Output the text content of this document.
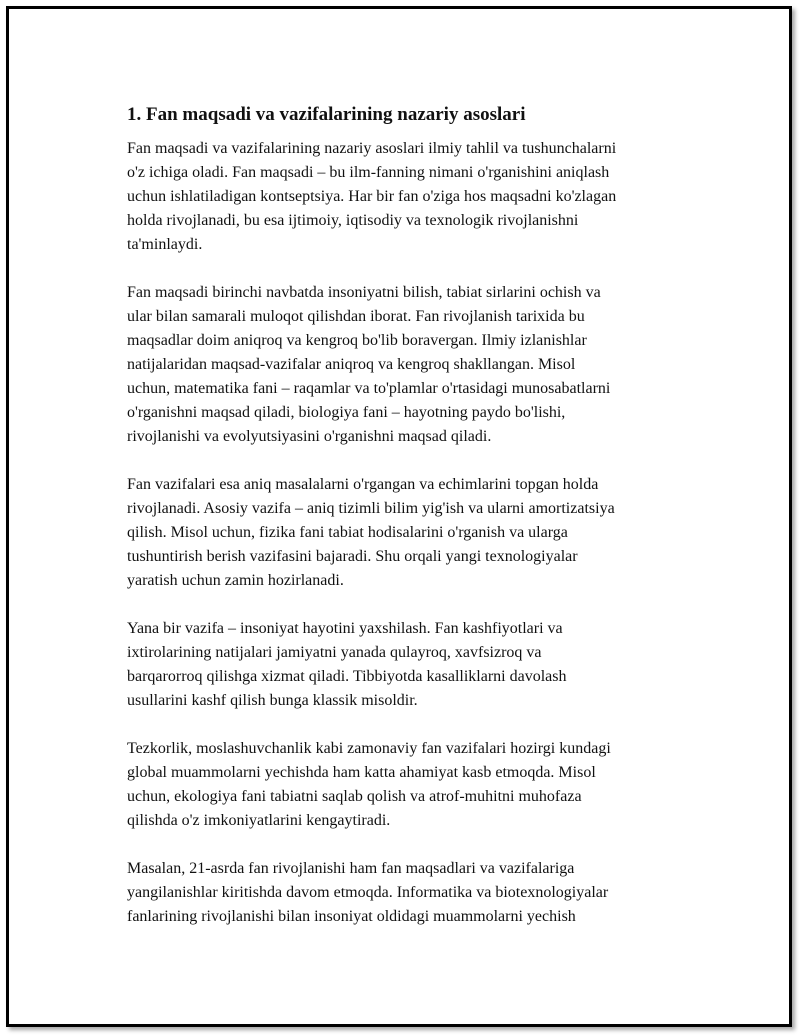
1. Fan maqsadi va vazifalarining nazariy asoslari

Fan maqsadi va vazifalarining nazariy asoslari ilmiy tahlil va tushunchalarni
o'z ichiga oladi. Fan maqsadi – bu ilm-fanning nimani o'rganishini aniqlash
uchun ishlatiladigan kontseptsiya. Har bir fan o'ziga hos maqsadni ko'zlagan
holda rivojlanadi, bu esa ijtimoiy, iqtisodiy va texnologik rivojlanishni
ta'minlaydi.

Fan maqsadi birinchi navbatda insoniyatni bilish, tabiat sirlarini ochish va
ular bilan samarali muloqot qilishdan iborat. Fan rivojlanish tarixida bu
maqsadlar doim aniqroq va kengroq bo'lib boravergan. Ilmiy izlanishlar
natijalaridan maqsad-vazifalar aniqroq va kengroq shakllangan. Misol
uchun, matematika fani – raqamlar va to'plamlar o'rtasidagi munosabatlarni
o'rganishni maqsad qiladi, biologiya fani – hayotning paydo bo'lishi,
rivojlanishi va evolyutsiyasini o'rganishni maqsad qiladi.

Fan vazifalari esa aniq masalalarni o'rgangan va echimlarini topgan holda
rivojlanadi. Asosiy vazifa – aniq tizimli bilim yig'ish va ularni amortizatsiya
qilish. Misol uchun, fizika fani tabiat hodisalarini o'rganish va ularga
tushuntirish berish vazifasini bajaradi. Shu orqali yangi texnologiyalar
yaratish uchun zamin hozirlanadi.

Yana bir vazifa – insoniyat hayotini yaxshilash. Fan kashfiyotlari va
ixtirolarining natijalari jamiyatni yanada qulayroq, xavfsizroq va
barqarorroq qilishga xizmat qiladi. Tibbiyotda kasalliklarni davolash
usullarini kashf qilish bunga klassik misoldir.

Tezkorlik, moslashuvchanlik kabi zamonaviy fan vazifalari hozirgi kundagi
global muammolarni yechishda ham katta ahamiyat kasb etmoqda. Misol
uchun, ekologiya fani tabiatni saqlab qolish va atrof-muhitni muhofaza
qilishda o'z imkoniyatlarini kengaytiradi.

Masalan, 21-asrda fan rivojlanishi ham fan maqsadlari va vazifalariga
yangilanishlar kiritishda davom etmoqda. Informatika va biotexnologiyalar
fanlarining rivojlanishi bilan insoniyat oldidagi muammolarni yechish
